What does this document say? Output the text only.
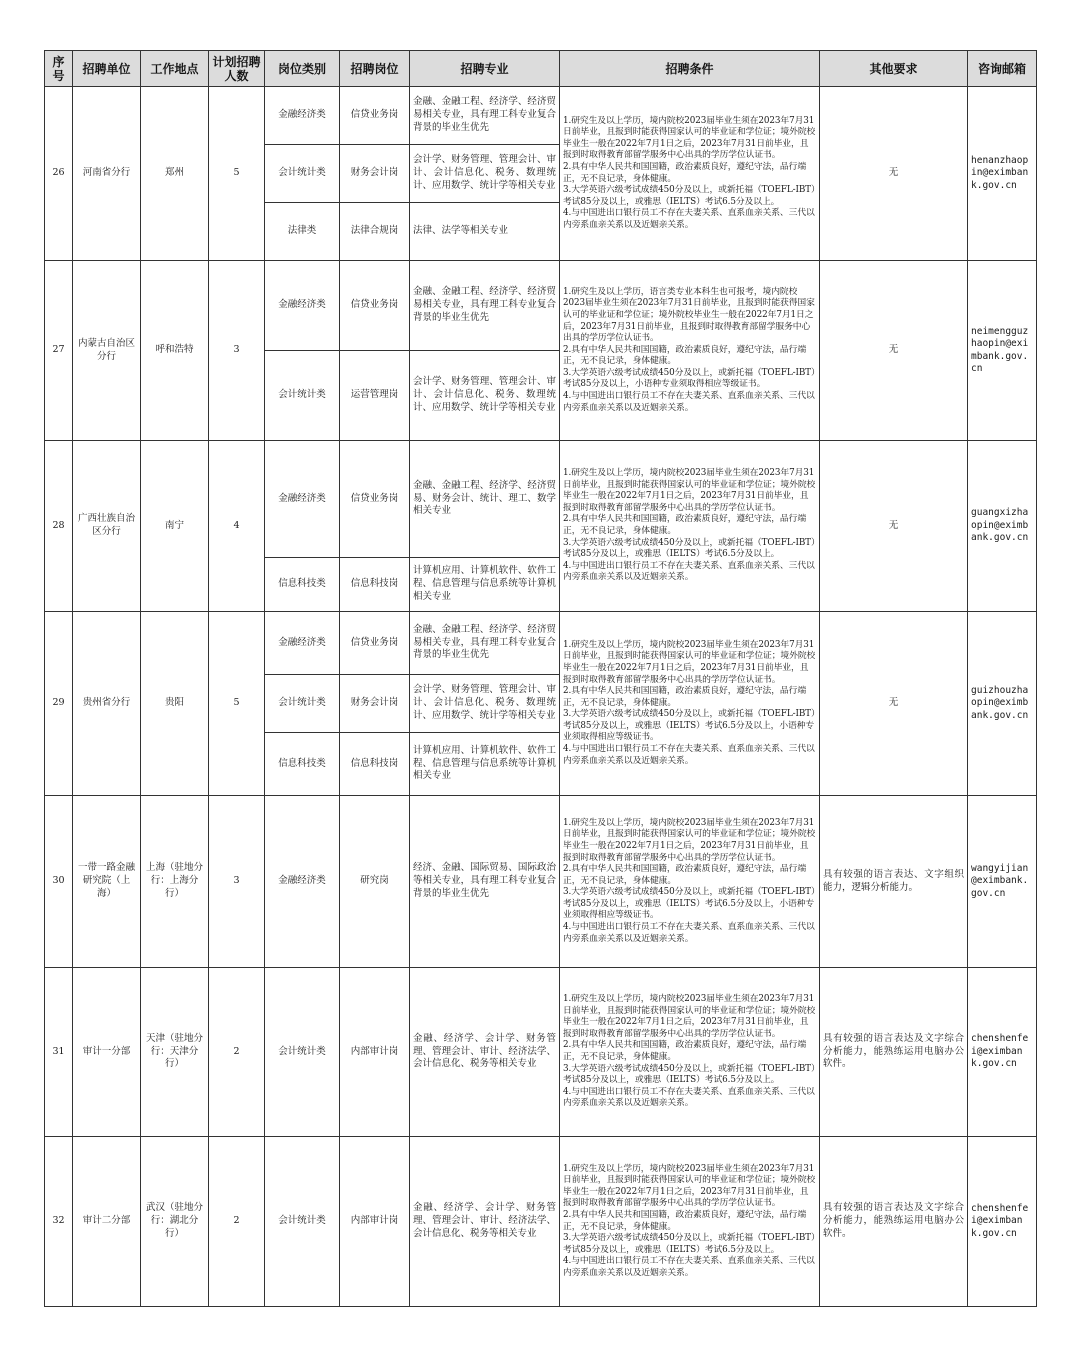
序号	招聘单位	工作地点	计划招聘人数	岗位类别	招聘岗位	招聘专业	招聘条件	其他要求	咨询邮箱
26	河南省分行	郑州	5	金融经济类	信贷业务岗	金融、金融工程、经济学、经济贸易相关专业，具有理工科专业复合背景的毕业生优先	1.研究生及以上学历，境内院校2023届毕业生须在2023年7月31日前毕业，且报到时能获得国家认可的毕业证和学位证；境外院校毕业生一般在2022年7月1日之后，2023年7月31日前毕业，且报到时取得教育部留学服务中心出具的学历学位认证书。
2.具有中华人民共和国国籍，政治素质良好，遵纪守法，品行端正，无不良记录，身体健康。
3.大学英语六级考试成绩450分及以上，或新托福（TOEFL-IBT）考试85分及以上，或雅思（IELTS）考试6.5分及以上。
4.与中国进出口银行员工不存在夫妻关系、直系血亲关系、三代以内旁系血亲关系以及近姻亲关系。	无	henanzhaopin@eximbank.gov.cn
				会计统计类	财务会计岗	会计学、财务管理、管理会计、审计、会计信息化、税务、数理统计、应用数学、统计学等相关专业			
				法律类	法律合规岗	法律、法学等相关专业			
27	内蒙古自治区分行	呼和浩特	3	金融经济类	信贷业务岗	金融、金融工程、经济学、经济贸易相关专业，具有理工科专业复合背景的毕业生优先	1.研究生及以上学历，语言类专业本科生也可报考，境内院校2023届毕业生须在2023年7月31日前毕业，且报到时能获得国家认可的毕业证和学位证；境外院校毕业生一般在2022年7月1日之后，2023年7月31日前毕业，且报到时取得教育部留学服务中心出具的学历学位认证书。
2.具有中华人民共和国国籍，政治素质良好，遵纪守法，品行端正，无不良记录，身体健康。
3.大学英语六级考试成绩450分及以上，或新托福（TOEFL-IBT）考试85分及以上，小语种专业须取得相应等级证书。
4.与中国进出口银行员工不存在夫妻关系、直系血亲关系、三代以内旁系血亲关系以及近姻亲关系。	无	neimengguzhaopin@eximbank.gov.cn
				会计统计类	运营管理岗	会计学、财务管理、管理会计、审计、会计信息化、税务、数理统计、应用数学、统计学等相关专业			
28	广西壮族自治区分行	南宁	4	金融经济类	信贷业务岗	金融、金融工程、经济学、经济贸易、财务会计、统计、理工、数学相关专业	1.研究生及以上学历，境内院校2023届毕业生须在2023年7月31日前毕业，且报到时能获得国家认可的毕业证和学位证；境外院校毕业生一般在2022年7月1日之后，2023年7月31日前毕业，且报到时取得教育部留学服务中心出具的学历学位认证书。
2.具有中华人民共和国国籍，政治素质良好，遵纪守法，品行端正，无不良记录，身体健康。
3.大学英语六级考试成绩450分及以上，或新托福（TOEFL-IBT）考试85分及以上，或雅思（IELTS）考试6.5分及以上。
4.与中国进出口银行员工不存在夫妻关系、直系血亲关系、三代以内旁系血亲关系以及近姻亲关系。	无	guangxizhaopin@eximbank.gov.cn
				信息科技类	信息科技岗	计算机应用、计算机软件、软件工程、信息管理与信息系统等计算机相关专业			
29	贵州省分行	贵阳	5	金融经济类	信贷业务岗	金融、金融工程、经济学、经济贸易相关专业，具有理工科专业复合背景的毕业生优先	1.研究生及以上学历，境内院校2023届毕业生须在2023年7月31日前毕业，且报到时能获得国家认可的毕业证和学位证；境外院校毕业生一般在2022年7月1日之后，2023年7月31日前毕业，且报到时取得教育部留学服务中心出具的学历学位认证书。
2.具有中华人民共和国国籍，政治素质良好，遵纪守法，品行端正，无不良记录，身体健康。
3.大学英语六级考试成绩450分及以上，或新托福（TOEFL-IBT）考试85分及以上，或雅思（IELTS）考试6.5分及以上，小语种专业须取得相应等级证书。
4.与中国进出口银行员工不存在夫妻关系、直系血亲关系、三代以内旁系血亲关系以及近姻亲关系。	无	guizhouzhaopin@eximbank.gov.cn
				会计统计类	财务会计岗	会计学、财务管理、管理会计、审计、会计信息化、税务、数理统计、应用数学、统计学等相关专业			
				信息科技类	信息科技岗	计算机应用、计算机软件、软件工程、信息管理与信息系统等计算机相关专业			
30	一带一路金融研究院（上海）	上海（驻地分行：上海分行）	3	金融经济类	研究岗	经济、金融、国际贸易、国际政治等相关专业，具有理工科专业复合背景的毕业生优先	1.研究生及以上学历，境内院校2023届毕业生须在2023年7月31日前毕业，且报到时能获得国家认可的毕业证和学位证；境外院校毕业生一般在2022年7月1日之后，2023年7月31日前毕业，且报到时取得教育部留学服务中心出具的学历学位认证书。
2.具有中华人民共和国国籍，政治素质良好，遵纪守法，品行端正，无不良记录，身体健康。
3.大学英语六级考试成绩450分及以上，或新托福（TOEFL-IBT）考试85分及以上，或雅思（IELTS）考试6.5分及以上，小语种专业须取得相应等级证书。
4.与中国进出口银行员工不存在夫妻关系、直系血亲关系、三代以内旁系血亲关系以及近姻亲关系。	具有较强的语言表达、文字组织能力，逻辑分析能力。	wangyijian@eximbank.gov.cn
31	审计一分部	天津（驻地分行：天津分行）	2	会计统计类	内部审计岗	金融、经济学、会计学、财务管理、管理会计、审计、经济法学、会计信息化、税务等相关专业	1.研究生及以上学历，境内院校2023届毕业生须在2023年7月31日前毕业，且报到时能获得国家认可的毕业证和学位证；境外院校毕业生一般在2022年7月1日之后，2023年7月31日前毕业，且报到时取得教育部留学服务中心出具的学历学位认证书。
2.具有中华人民共和国国籍，政治素质良好，遵纪守法，品行端正，无不良记录，身体健康。
3.大学英语六级考试成绩450分及以上，或新托福（TOEFL-IBT）考试85分及以上，或雅思（IELTS）考试6.5分及以上。
4.与中国进出口银行员工不存在夫妻关系、直系血亲关系、三代以内旁系血亲关系以及近姻亲关系。	具有较强的语言表达及文字综合分析能力，能熟练运用电脑办公软件。	chenshenfei@eximbank.gov.cn
32	审计二分部	武汉（驻地分行：湖北分行）	2	会计统计类	内部审计岗	金融、经济学、会计学、财务管理、管理会计、审计、经济法学、会计信息化、税务等相关专业	1.研究生及以上学历，境内院校2023届毕业生须在2023年7月31日前毕业，且报到时能获得国家认可的毕业证和学位证；境外院校毕业生一般在2022年7月1日之后，2023年7月31日前毕业，且报到时取得教育部留学服务中心出具的学历学位认证书。
2.具有中华人民共和国国籍，政治素质良好，遵纪守法，品行端正，无不良记录，身体健康。
3.大学英语六级考试成绩450分及以上，或新托福（TOEFL-IBT）考试85分及以上，或雅思（IELTS）考试6.5分及以上。
4.与中国进出口银行员工不存在夫妻关系、直系血亲关系、三代以内旁系血亲关系以及近姻亲关系。	具有较强的语言表达及文字综合分析能力，能熟练运用电脑办公软件。	chenshenfei@eximbank.gov.cn
